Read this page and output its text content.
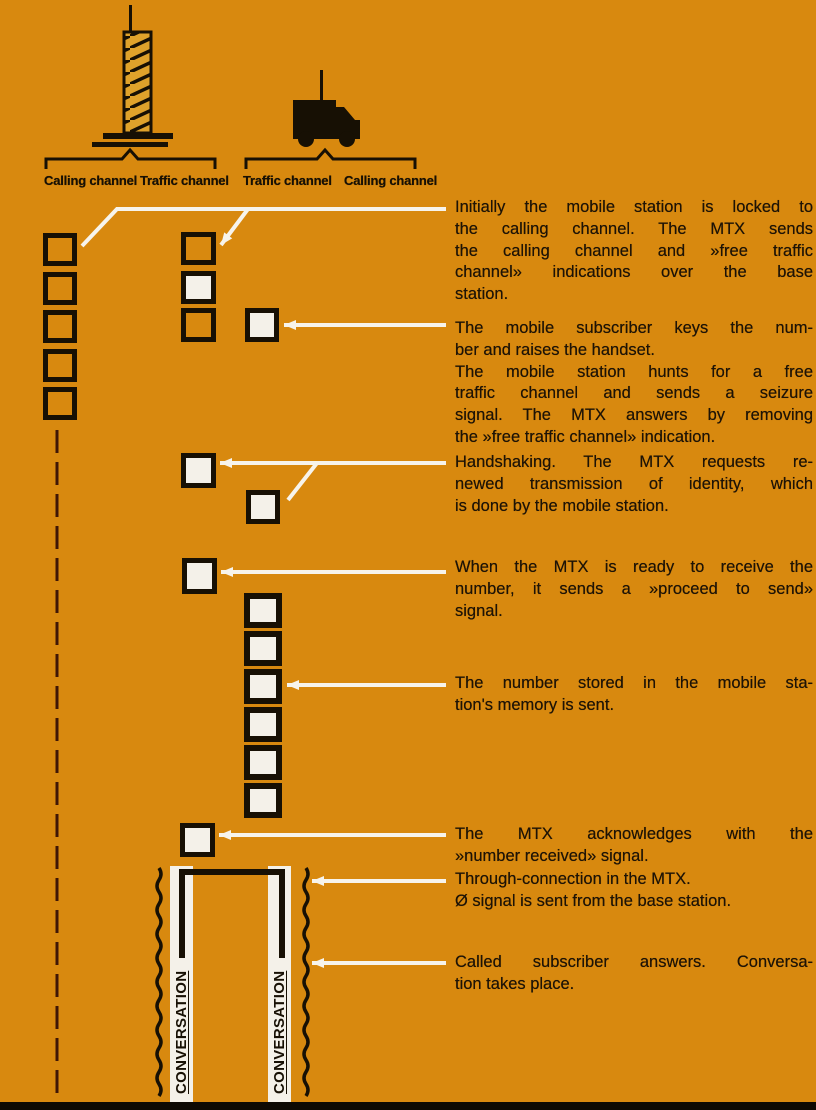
Calling channel Traffic channel Traffic channel Calling channel
CONVERSATION	CONVERSATION
Initially the mobile station is locked to
the calling channel. The MTX sends
the calling channel and »free traffic
channel» indications over the base
station.
The mobile subscriber keys the num-
ber and raises the handset.
The mobile station hunts for a free
traffic channel and sends a seizure
signal. The MTX answers by removing
the »free traffic channel» indication.
Handshaking. The MTX requests re-
newed transmission of identity, which
is done by the mobile station.
When the MTX is ready to receive the
number, it sends a »proceed to send»
signal.
The number stored in the mobile sta-
tion's memory is sent.
The MTX acknowledges with the
»number received» signal.
Through-connection in the MTX.
Ø signal is sent from the base station.
Called subscriber answers. Conversa-
tion takes place.
